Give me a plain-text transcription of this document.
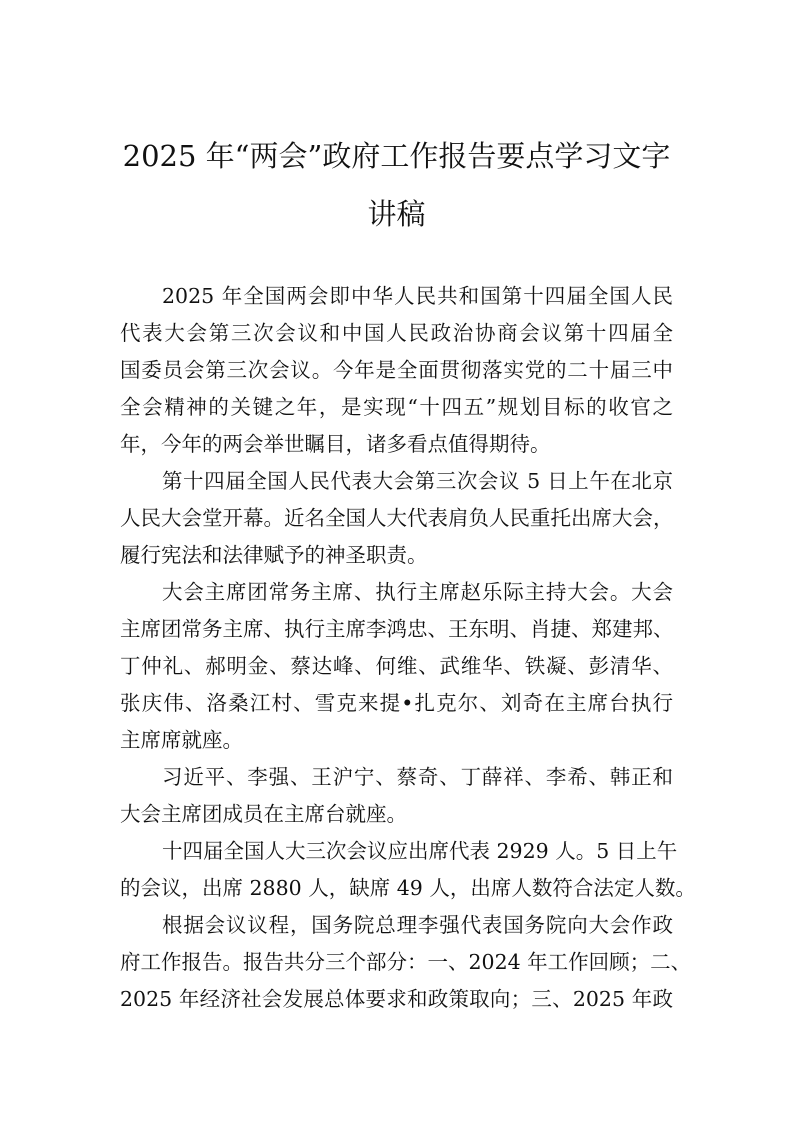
2025 年“两会”政府工作报告要点学习文字
讲稿
2025 年全国两会即中华人民共和国第十四届全国人民
代表大会第三次会议和中国人民政治协商会议第十四届全
国委员会第三次会议。今年是全面贯彻落实党的二十届三中
全会精神的关键之年，是实现“十四五”规划目标的收官之
年，今年的两会举世瞩目，诸多看点值得期待。
第十四届全国人民代表大会第三次会议 5 日上午在北京
人民大会堂开幕。近名全国人大代表肩负人民重托出席大会，
履行宪法和法律赋予的神圣职责。
大会主席团常务主席、执行主席赵乐际主持大会。大会
主席团常务主席、执行主席李鸿忠、王东明、肖捷、郑建邦、
丁仲礼、郝明金、蔡达峰、何维、武维华、铁凝、彭清华、
张庆伟、洛桑江村、雪克来提•扎克尔、刘奇在主席台执行
主席席就座。
习近平、李强、王沪宁、蔡奇、丁薛祥、李希、韩正和
大会主席团成员在主席台就座。
十四届全国人大三次会议应出席代表 2929 人。5 日上午
的会议，出席 2880 人，缺席 49 人，出席人数符合法定人数。
根据会议议程，国务院总理李强代表国务院向大会作政
府工作报告。报告共分三个部分：一、2024 年工作回顾；二、
2025 年经济社会发展总体要求和政策取向；三、2025 年政
